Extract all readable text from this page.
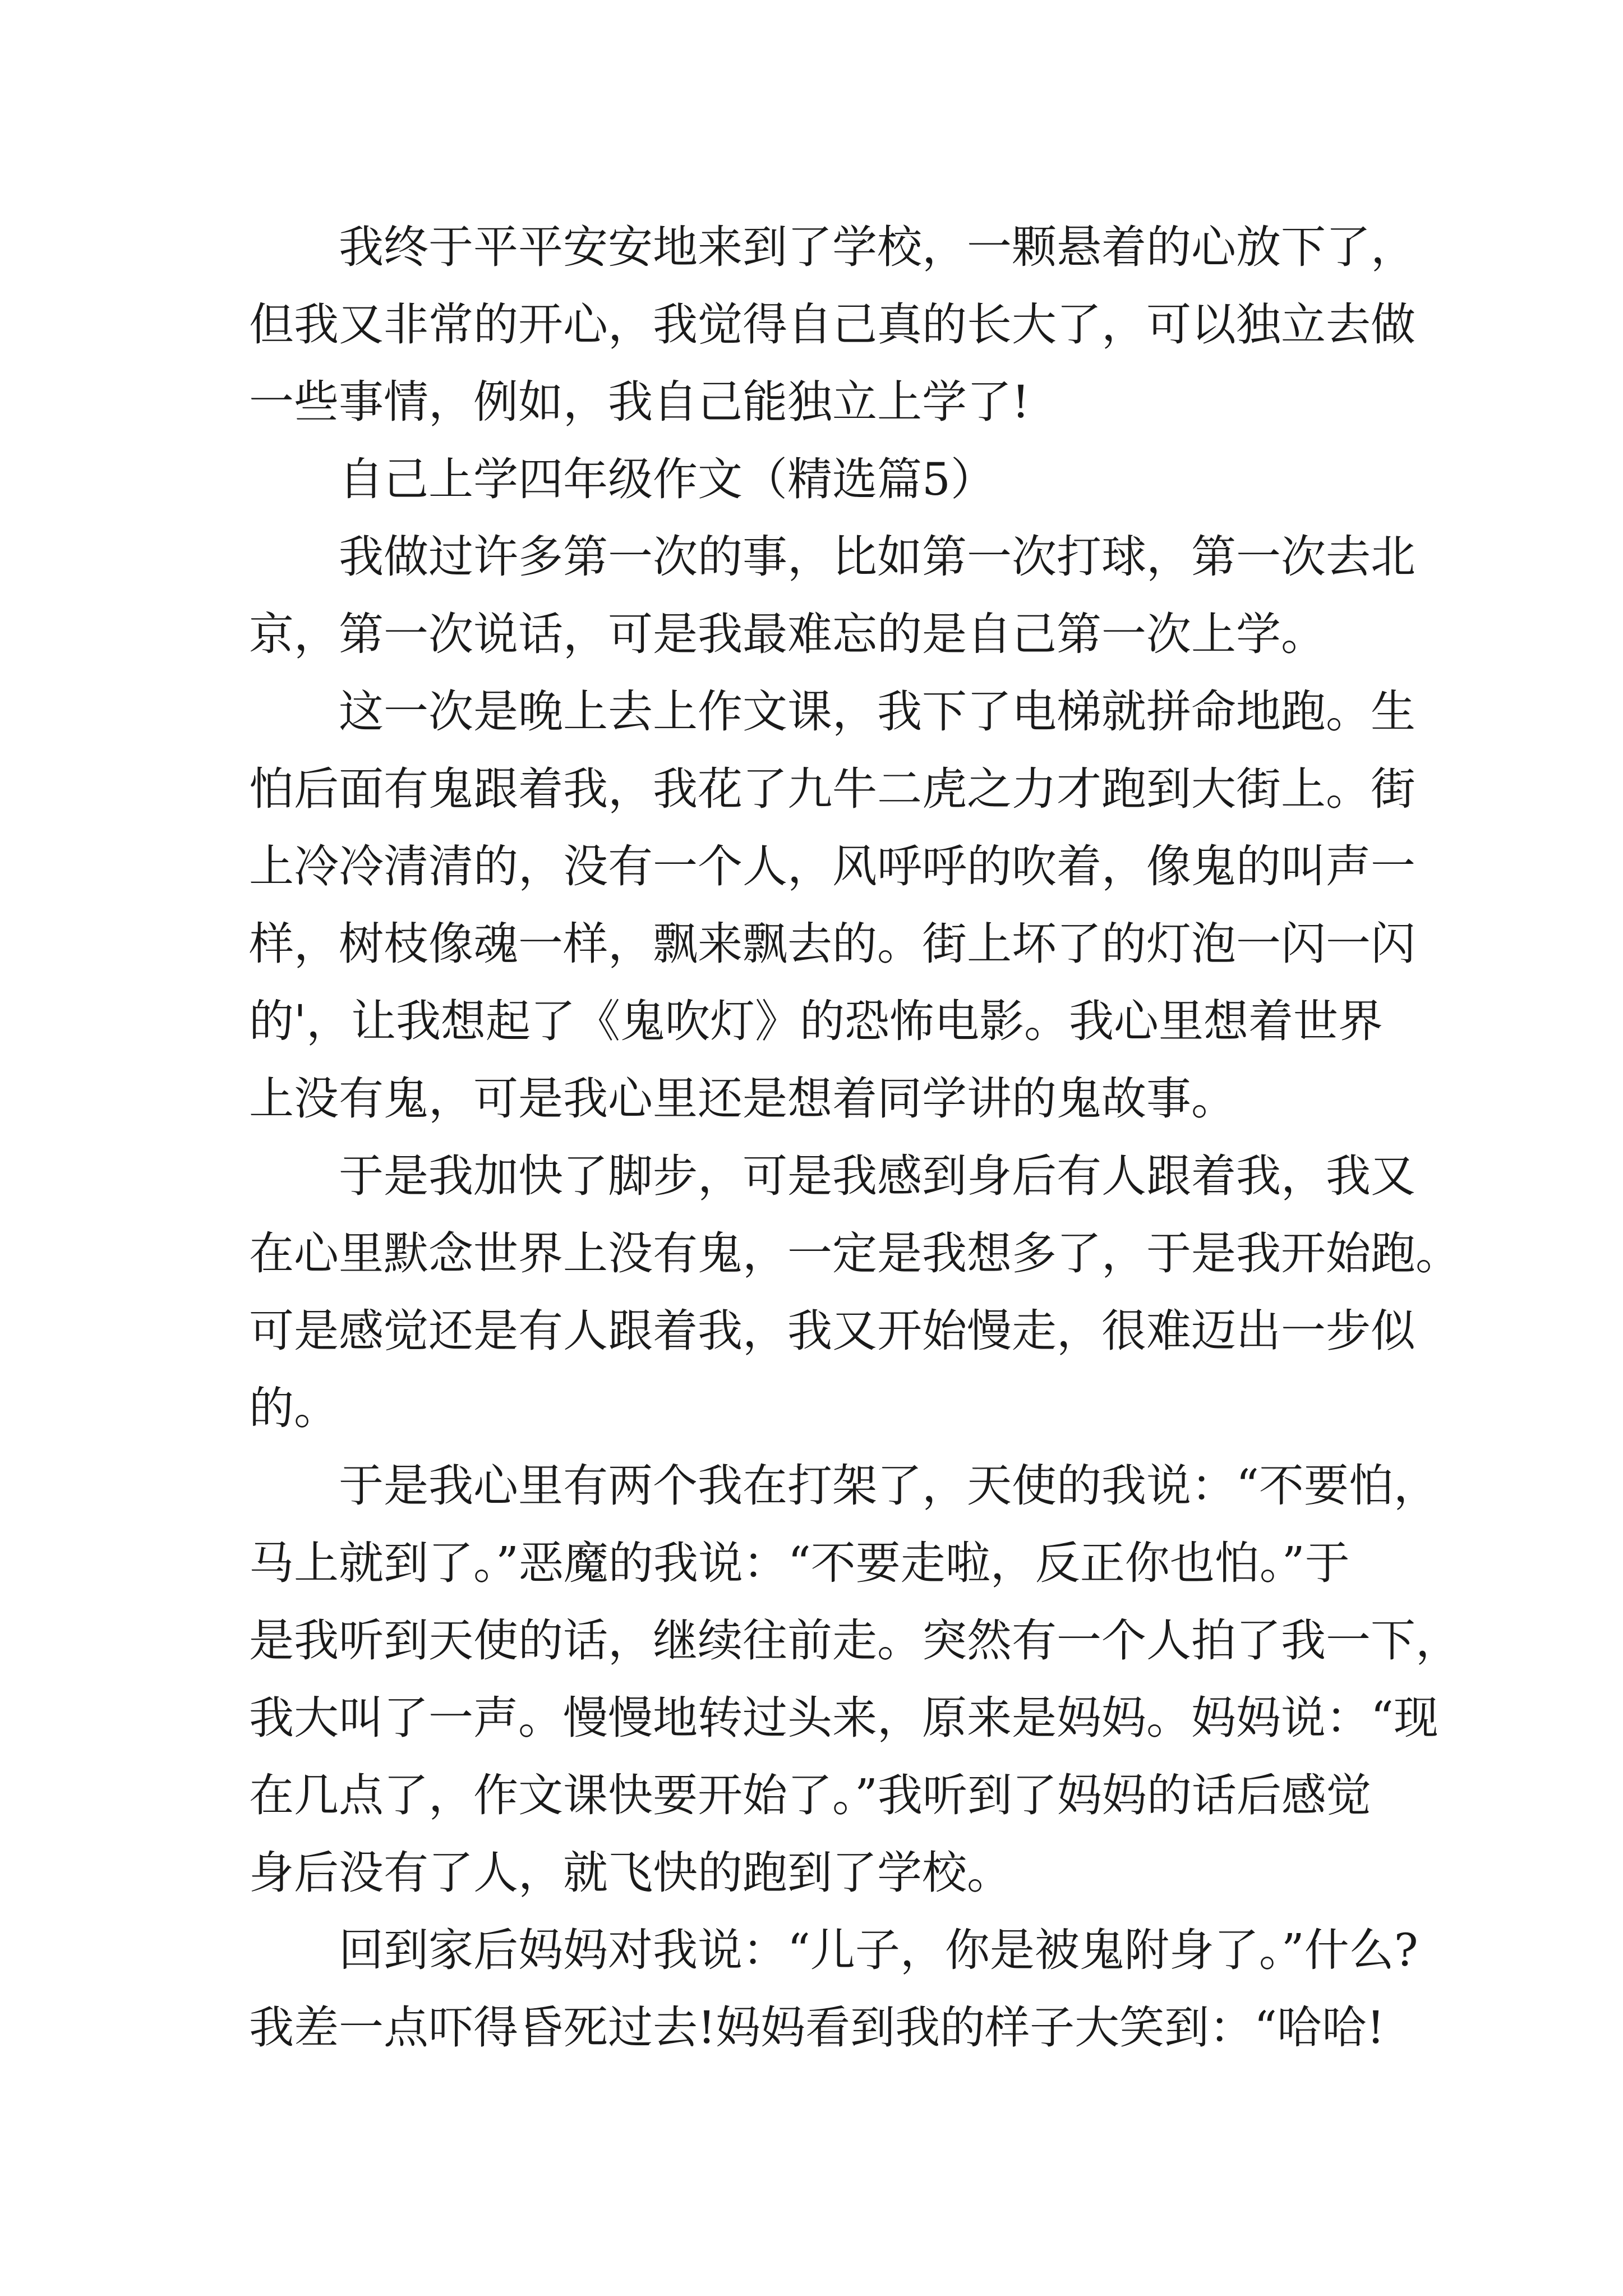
　　我终于平平安安地来到了学校，一颗悬着的心放下了，
但我又非常的开心，我觉得自己真的长大了，可以独立去做
一些事情，例如，我自己能独立上学了!
　　自己上学四年级作文（精选篇5）
　　我做过许多第一次的事，比如第一次打球，第一次去北
京，第一次说话，可是我最难忘的是自己第一次上学。
　　这一次是晚上去上作文课，我下了电梯就拼命地跑。生
怕后面有鬼跟着我，我花了九牛二虎之力才跑到大街上。街
上冷冷清清的，没有一个人，风呼呼的吹着，像鬼的叫声一
样，树枝像魂一样，飘来飘去的。街上坏了的灯泡一闪一闪
的'，让我想起了《鬼吹灯》的恐怖电影。我心里想着世界
上没有鬼，可是我心里还是想着同学讲的鬼故事。
　　于是我加快了脚步，可是我感到身后有人跟着我，我又
在心里默念世界上没有鬼，一定是我想多了，于是我开始跑。
可是感觉还是有人跟着我，我又开始慢走，很难迈出一步似
的。
　　于是我心里有两个我在打架了，天使的我说：“不要怕，
马上就到了。”恶魔的我说：“不要走啦，反正你也怕。”于
是我听到天使的话，继续往前走。突然有一个人拍了我一下，
我大叫了一声。慢慢地转过头来，原来是妈妈。妈妈说：“现
在几点了，作文课快要开始了。”我听到了妈妈的话后感觉
身后没有了人，就飞快的跑到了学校。
　　回到家后妈妈对我说：“儿子，你是被鬼附身了。”什么?
我差一点吓得昏死过去!妈妈看到我的样子大笑到：“哈哈!
